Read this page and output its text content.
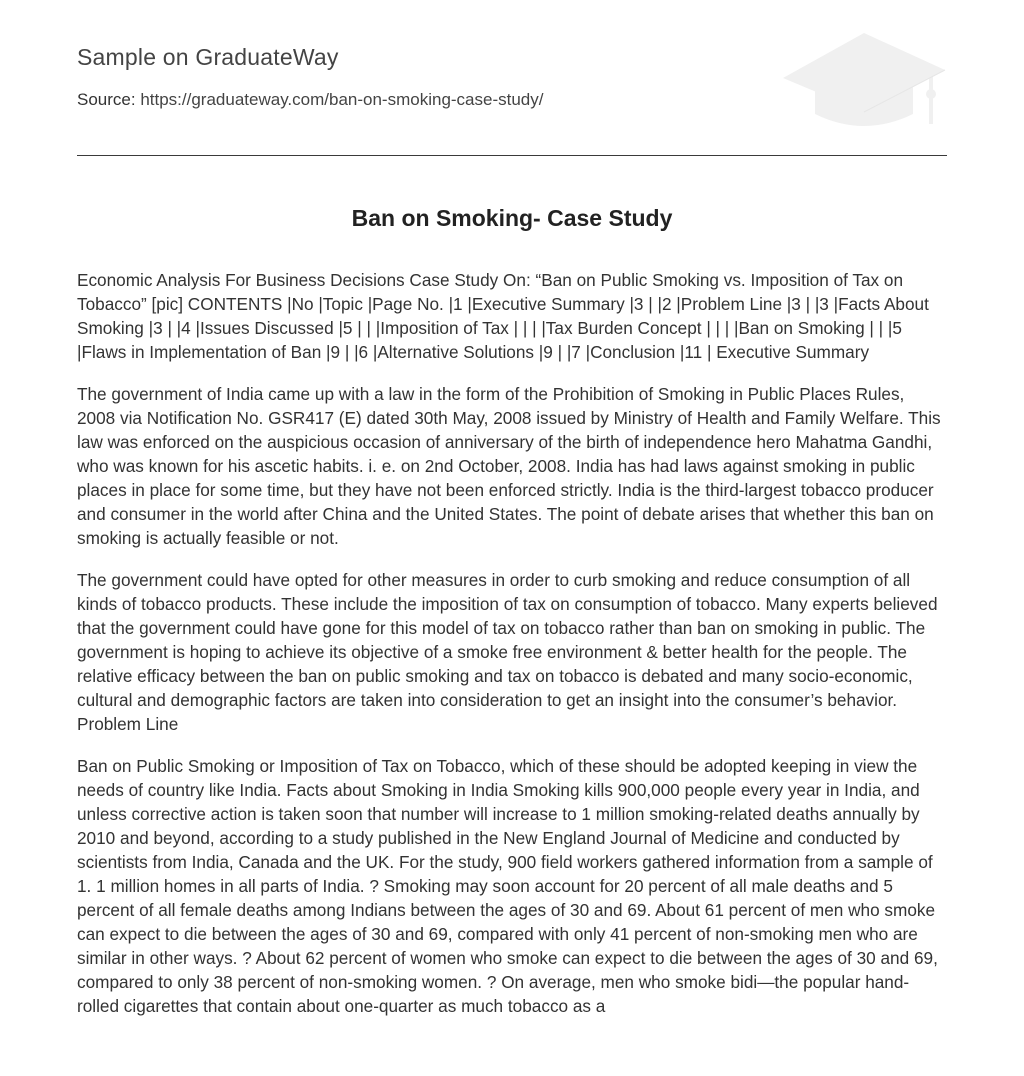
Sample on GraduateWay
Source: https://graduateway.com/ban-on-smoking-case-study/
Ban on Smoking- Case Study

Economic Analysis For Business Decisions Case Study On: “Ban on Public Smoking vs. Imposition of Tax on Tobacco” [pic] CONTENTS |No |Topic |Page No. |1 |Executive Summary |3 | |2 |Problem Line |3 | |3 |Facts About Smoking |3 | |4 |Issues Discussed |5 | | |Imposition of Tax | | | |Tax Burden Concept | | | |Ban on Smoking | | |5 |Flaws in Implementation of Ban |9 | |6 |Alternative Solutions |9 | |7 |Conclusion |11 | Executive Summary

The government of India came up with a law in the form of the Prohibition of Smoking in Public Places Rules, 2008 via Notification No. GSR417 (E) dated 30th May, 2008 issued by Ministry of Health and Family Welfare. This law was enforced on the auspicious occasion of anniversary of the birth of independence hero Mahatma Gandhi, who was known for his ascetic habits. i. e. on 2nd October, 2008. India has had laws against smoking in public places in place for some time, but they have not been enforced strictly. India is the third-largest tobacco producer and consumer in the world after China and the United States. The point of debate arises that whether this ban on smoking is actually feasible or not.

The government could have opted for other measures in order to curb smoking and reduce consumption of all kinds of tobacco products. These include the imposition of tax on consumption of tobacco. Many experts believed that the government could have gone for this model of tax on tobacco rather than ban on smoking in public. The government is hoping to achieve its objective of a smoke free environment & better health for the people. The relative efficacy between the ban on public smoking and tax on tobacco is debated and many socio-economic, cultural and demographic factors are taken into consideration to get an insight into the consumer’s behavior. Problem Line

Ban on Public Smoking or Imposition of Tax on Tobacco, which of these should be adopted keeping in view the needs of country like India. Facts about Smoking in India Smoking kills 900,000 people every year in India, and unless corrective action is taken soon that number will increase to 1 million smoking-related deaths annually by 2010 and beyond, according to a study published in the New England Journal of Medicine and conducted by scientists from India, Canada and the UK. For the study, 900 field workers gathered information from a sample of 1. 1 million homes in all parts of India. ? Smoking may soon account for 20 percent of all male deaths and 5 percent of all female deaths among Indians between the ages of 30 and 69. About 61 percent of men who smoke can expect to die between the ages of 30 and 69, compared with only 41 percent of non-smoking men who are similar in other ways. ? About 62 percent of women who smoke can expect to die between the ages of 30 and 69, compared to only 38 percent of non-smoking women. ? On average, men who smoke bidi—the popular hand-rolled cigarettes that contain about one-quarter as much tobacco as a
